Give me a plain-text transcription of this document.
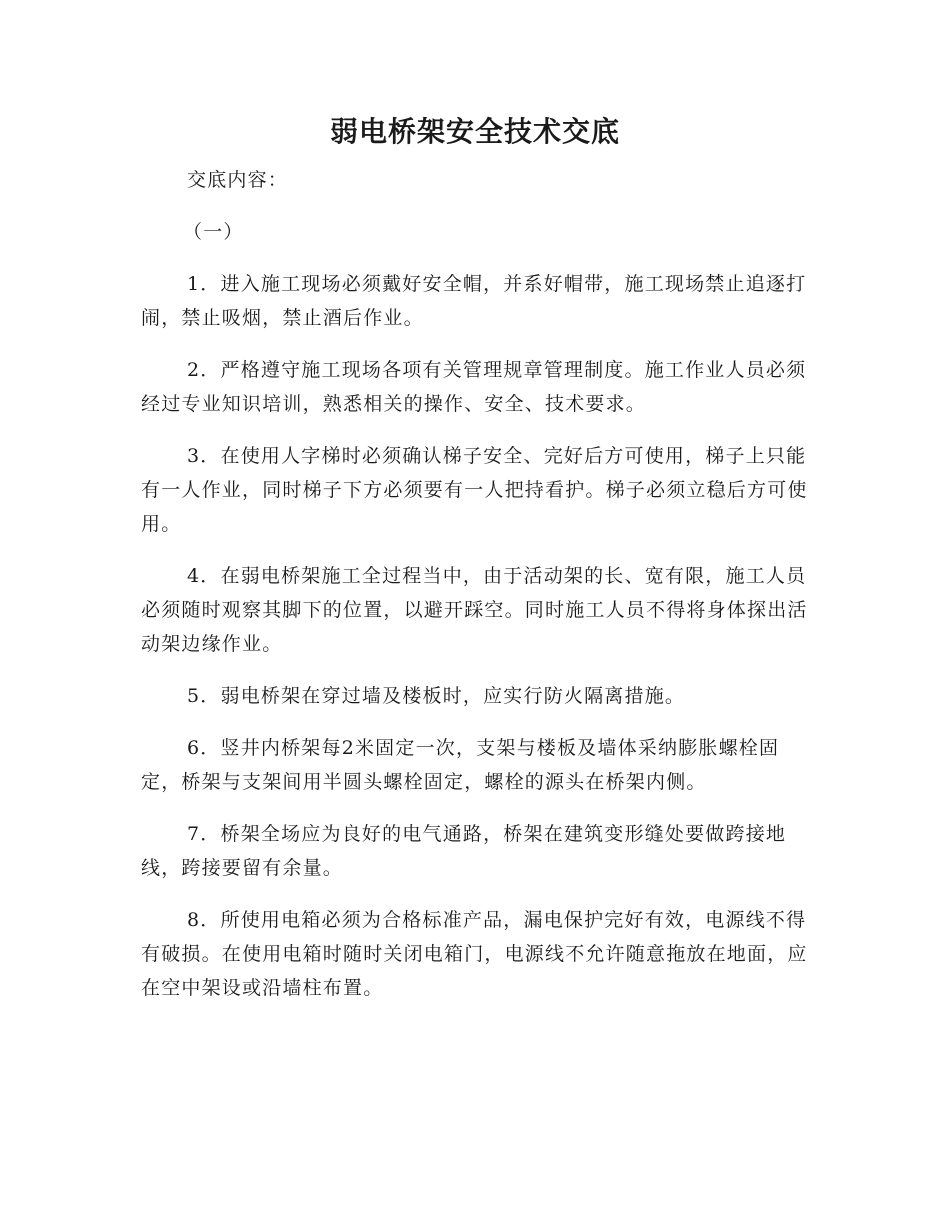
弱电桥架安全技术交底

交底内容：

（一）

1．进入施工现场必须戴好安全帽，并系好帽带，施工现场禁止追逐打闹，禁止吸烟，禁止酒后作业。

2．严格遵守施工现场各项有关管理规章管理制度。施工作业人员必须经过专业知识培训，熟悉相关的操作、安全、技术要求。

3．在使用人字梯时必须确认梯子安全、完好后方可使用，梯子上只能有一人作业，同时梯子下方必须要有一人把持看护。梯子必须立稳后方可使用。

4．在弱电桥架施工全过程当中，由于活动架的长、宽有限，施工人员必须随时观察其脚下的位置，以避开踩空。同时施工人员不得将身体探出活动架边缘作业。

5．弱电桥架在穿过墙及楼板时，应实行防火隔离措施。

6．竖井内桥架每2米固定一次，支架与楼板及墙体采纳膨胀螺栓固定，桥架与支架间用半圆头螺栓固定，螺栓的源头在桥架内侧。

7．桥架全场应为良好的电气通路，桥架在建筑变形缝处要做跨接地线，跨接要留有余量。

8．所使用电箱必须为合格标准产品，漏电保护完好有效，电源线不得有破损。在使用电箱时随时关闭电箱门，电源线不允许随意拖放在地面，应在空中架设或沿墙柱布置。
